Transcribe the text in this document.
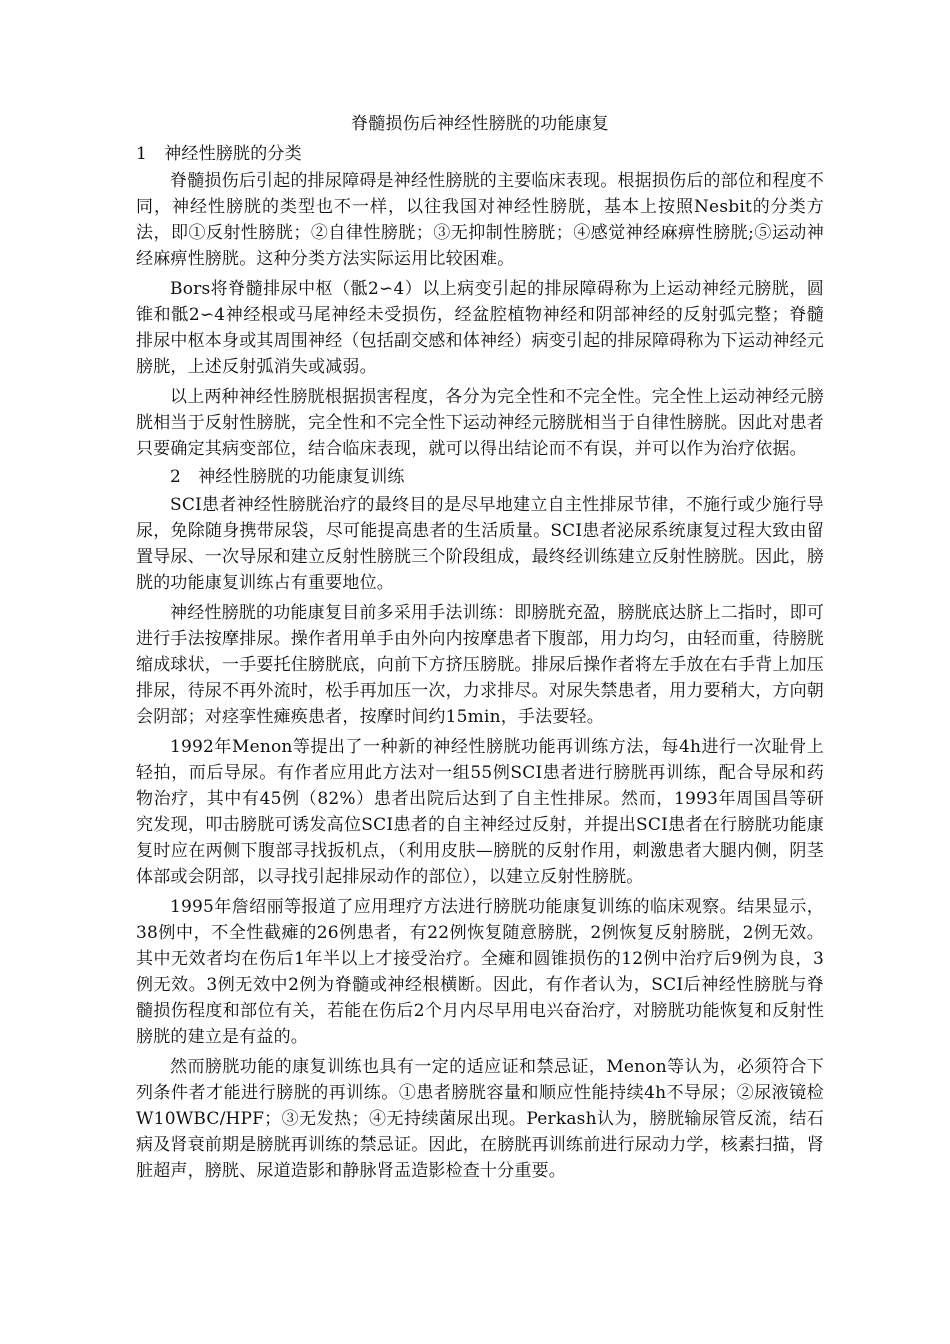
脊髓损伤后神经性膀胱的功能康复
1　神经性膀胱的分类

脊髓损伤后引起的排尿障碍是神经性膀胱的主要临床表现。根据损伤后的部位和程度不同，神经性膀胱的类型也不一样，以往我国对神经性膀胱，基本上按照Nesbit的分类方法，即①反射性膀胱；②自律性膀胱；③无抑制性膀胱；④感觉神经麻痹性膀胱;⑤运动神经麻痹性膀胱。这种分类方法实际运用比较困难。

Bors将脊髓排尿中枢（骶2∽4）以上病变引起的排尿障碍称为上运动神经元膀胱，圆锥和骶2∽4神经根或马尾神经未受损伤，经盆腔植物神经和阴部神经的反射弧完整；脊髓排尿中枢本身或其周围神经（包括副交感和体神经）病变引起的排尿障碍称为下运动神经元膀胱，上述反射弧消失或减弱。

以上两种神经性膀胱根据损害程度，各分为完全性和不完全性。完全性上运动神经元膀胱相当于反射性膀胱，完全性和不完全性下运动神经元膀胱相当于自律性膀胱。因此对患者只要确定其病变部位，结合临床表现，就可以得出结论而不有误，并可以作为治疗依据。

2　神经性膀胱的功能康复训练

SCI患者神经性膀胱治疗的最终目的是尽早地建立自主性排尿节律，不施行或少施行导尿，免除随身携带尿袋，尽可能提高患者的生活质量。SCI患者泌尿系统康复过程大致由留置导尿、一次导尿和建立反射性膀胱三个阶段组成，最终经训练建立反射性膀胱。因此，膀胱的功能康复训练占有重要地位。

神经性膀胱的功能康复目前多采用手法训练：即膀胱充盈，膀胱底达脐上二指时，即可进行手法按摩排尿。操作者用单手由外向内按摩患者下腹部，用力均匀，由轻而重，待膀胱缩成球状，一手要托住膀胱底，向前下方挤压膀胱。排尿后操作者将左手放在右手背上加压排尿，待尿不再外流时，松手再加压一次，力求排尽。对尿失禁患者，用力要稍大，方向朝会阴部；对痉挛性瘫痪患者，按摩时间约15min，手法要轻。

1992年Menon等提出了一种新的神经性膀胱功能再训练方法，每4h进行一次耻骨上轻拍，而后导尿。有作者应用此方法对一组55例SCI患者进行膀胱再训练，配合导尿和药物治疗，其中有45例（82%）患者出院后达到了自主性排尿。然而，1993年周国昌等研究发现，叩击膀胱可诱发高位SCI患者的自主神经过反射，并提出SCI患者在行膀胱功能康复时应在两侧下腹部寻找扳机点，（利用皮肤—膀胱的反射作用，刺激患者大腿内侧，阴茎体部或会阴部，以寻找引起排尿动作的部位），以建立反射性膀胱。

1995年詹绍丽等报道了应用理疗方法进行膀胱功能康复训练的临床观察。结果显示，38例中，不全性截瘫的26例患者，有22例恢复随意膀胱，2例恢复反射膀胱，2例无效。其中无效者均在伤后1年半以上才接受治疗。全瘫和圆锥损伤的12例中治疗后9例为良，3例无效。3例无效中2例为脊髓或神经根横断。因此，有作者认为，SCI后神经性膀胱与脊髓损伤程度和部位有关，若能在伤后2个月内尽早用电兴奋治疗，对膀胱功能恢复和反射性膀胱的建立是有益的。

然而膀胱功能的康复训练也具有一定的适应证和禁忌证，Menon等认为，必须符合下列条件者才能进行膀胱的再训练。①患者膀胱容量和顺应性能持续4h不导尿；②尿液镜检W10WBC/HPF；③无发热；④无持续菌尿出现。Perkash认为，膀胱输尿管反流，结石病及肾衰前期是膀胱再训练的禁忌证。因此，在膀胱再训练前进行尿动力学，核素扫描，肾脏超声，膀胱、尿道造影和静脉肾盂造影检查十分重要。
